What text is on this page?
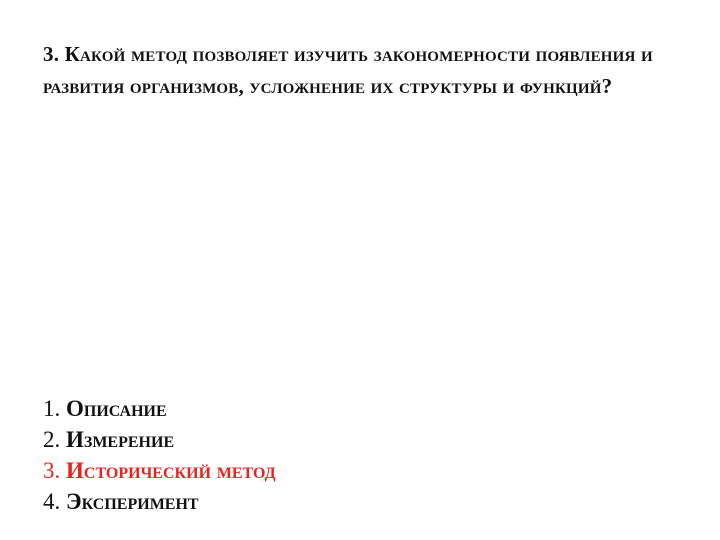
3. Какой метод позволяет изучить закономерности появления и развития организмов, усложнение их структуры и функций?
1. Описание
2. Измерение
3. Исторический метод
4. Эксперимент
